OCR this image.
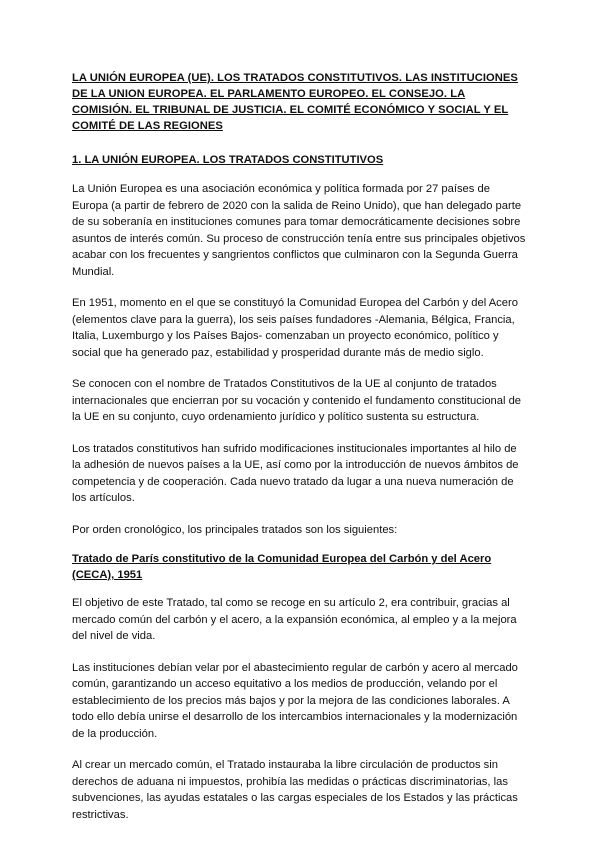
LA UNIÓN EUROPEA (UE). LOS TRATADOS CONSTITUTIVOS. LAS INSTITUCIONES DE LA UNION EUROPEA. EL PARLAMENTO EUROPEO. EL CONSEJO. LA COMISIÓN. EL TRIBUNAL DE JUSTICIA. EL COMITÉ ECONÓMICO Y SOCIAL Y EL COMITÉ DE LAS REGIONES
1. LA UNIÓN EUROPEA. LOS TRATADOS CONSTITUTIVOS

La Unión Europea es una asociación económica y política formada por 27 países de Europa (a partir de febrero de 2020 con la salida de Reino Unido), que han delegado parte de su soberanía en instituciones comunes para tomar democráticamente decisiones sobre asuntos de interés común. Su proceso de construcción tenía entre sus principales objetivos acabar con los frecuentes y sangrientos conflictos que culminaron con la Segunda Guerra Mundial.

En 1951, momento en el que se constituyó la Comunidad Europea del Carbón y del Acero (elementos clave para la guerra), los seis países fundadores -Alemania, Bélgica, Francia, Italia, Luxemburgo y los Países Bajos- comenzaban un proyecto económico, político y social que ha generado paz, estabilidad y prosperidad durante más de medio siglo.

Se conocen con el nombre de Tratados Constitutivos de la UE al conjunto de tratados internacionales que encierran por su vocación y contenido el fundamento constitucional de la UE en su conjunto, cuyo ordenamiento jurídico y político sustenta su estructura.

Los tratados constitutivos han sufrido modificaciones institucionales importantes al hilo de la adhesión de nuevos países a la UE, así como por la introducción de nuevos ámbitos de competencia y de cooperación. Cada nuevo tratado da lugar a una nueva numeración de los artículos.

Por orden cronológico, los principales tratados son los siguientes:

Tratado de París constitutivo de la Comunidad Europea del Carbón y del Acero (CECA), 1951

El objetivo de este Tratado, tal como se recoge en su artículo 2, era contribuir, gracias al mercado común del carbón y el acero, a la expansión económica, al empleo y a la mejora del nivel de vida.

Las instituciones debían velar por el abastecimiento regular de carbón y acero al mercado común, garantizando un acceso equitativo a los medios de producción, velando por el establecimiento de los precios más bajos y por la mejora de las condiciones laborales. A todo ello debía unirse el desarrollo de los intercambios internacionales y la modernización de la producción.

Al crear un mercado común, el Tratado instauraba la libre circulación de productos sin derechos de aduana ni impuestos, prohibía las medidas o prácticas discriminatorias, las subvenciones, las ayudas estatales o las cargas especiales de los Estados y las prácticas restrictivas.
